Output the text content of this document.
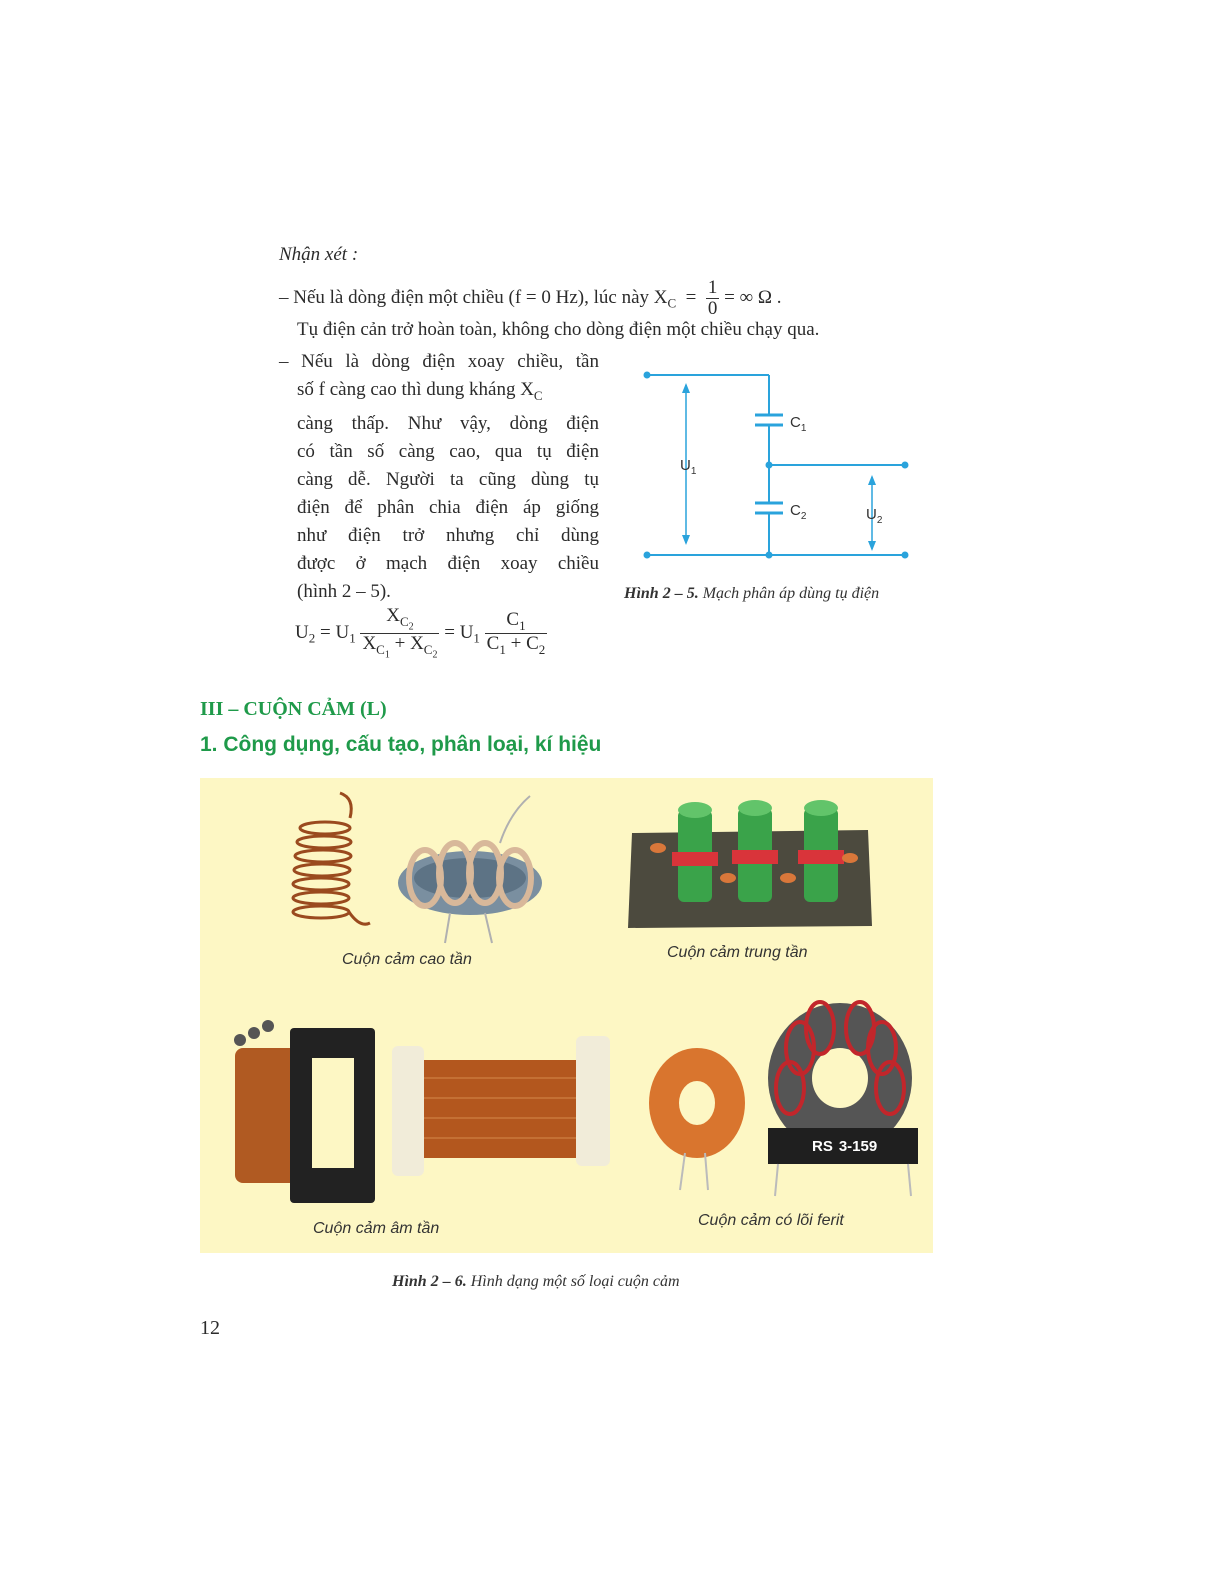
Nhận xét :
– Nếu là dòng điện một chiều (f = 0 Hz), lúc này $X_C = \frac{1}{0}$ = ∞ Ω .
Tụ điện cản trở hoàn toàn, không cho dòng điện một chiều chạy qua.
– Nếu là dòng điện xoay chiều, tần
số f càng cao thì dung kháng $X_C$
càng thấp. Như vậy, dòng điện
có tần số càng cao, qua tụ điện
càng dễ. Người ta cũng dùng tụ
điện để phân chia điện áp giống
như điện trở nhưng chỉ dùng
được ở mạch điện xoay chiều
(hình 2 – 5).
$U_2 = U_1 \frac{X_{C_2}}{X_{C_1} + X_{C_2}} = U_1 \frac{C_1}{C_1 + C_2}$
$C_1$
$C_2$
$U_1$
$U_2$
Hình 2 – 5. Mạch phân áp dùng tụ điện
III – CUỘN CẢM (L)
1. Công dụng, cấu tạo, phân loại, kí hiệu
RS 3-159
Cuộn cảm cao tần	Cuộn cảm trung tần
Cuộn cảm âm tần	Cuộn cảm có lõi ferit
Hình 2 – 6. Hình dạng một số loại cuộn cảm
12
